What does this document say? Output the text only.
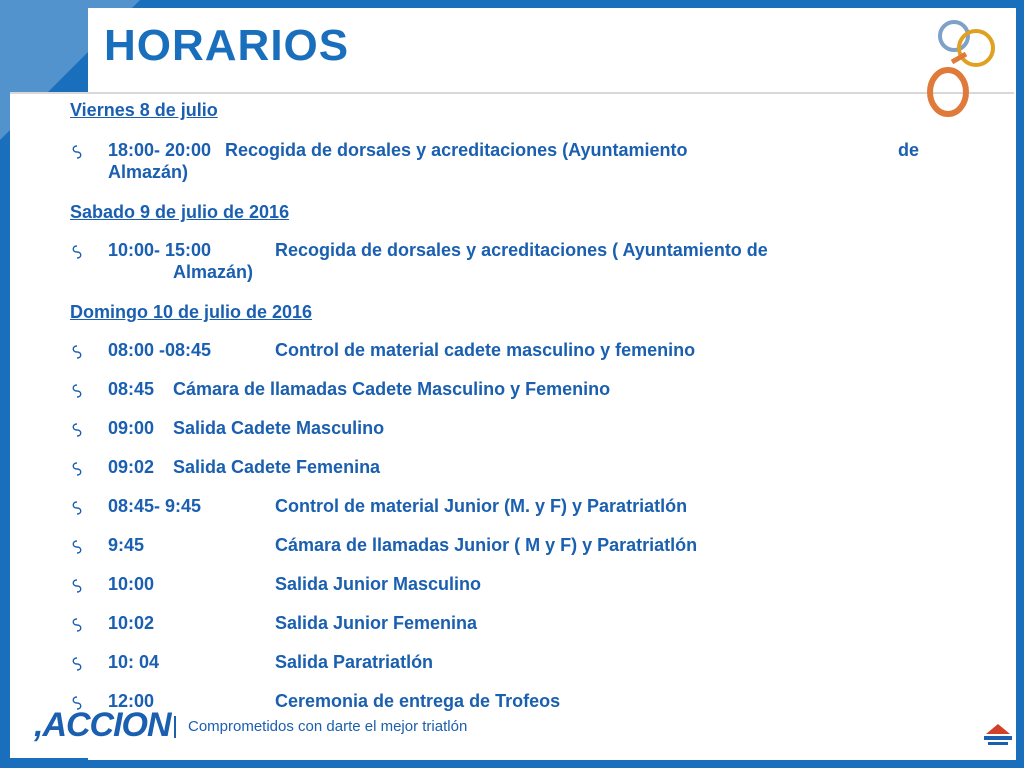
HORARIOS
Viernes 8 de julio
18:00- 20:00 Recogida de dorsales y acreditaciones (Ayuntamiento	de
Almazán)
Sabado 9 de julio de 2016
10:00- 15:00	Recogida de dorsales y acreditaciones ( Ayuntamiento de
Almazán)
Domingo 10 de julio de 2016
08:00 -08:45	Control de material cadete masculino y femenino
08:45 Cámara de llamadas Cadete Masculino y Femenino
09:00 Salida Cadete Masculino
09:02 Salida Cadete Femenina
08:45- 9:45	Control de material Junior (M. y F) y Paratriatlón
9:45	Cámara de llamadas Junior ( M y F) y Paratriatlón
10:00	Salida Junior Masculino
10:02	Salida Junior Femenina
10: 04	Salida Paratriatlón
12:00	Ceremonia de entrega de Trofeos
,ACCION Comprometidos con darte el mejor triatlón
